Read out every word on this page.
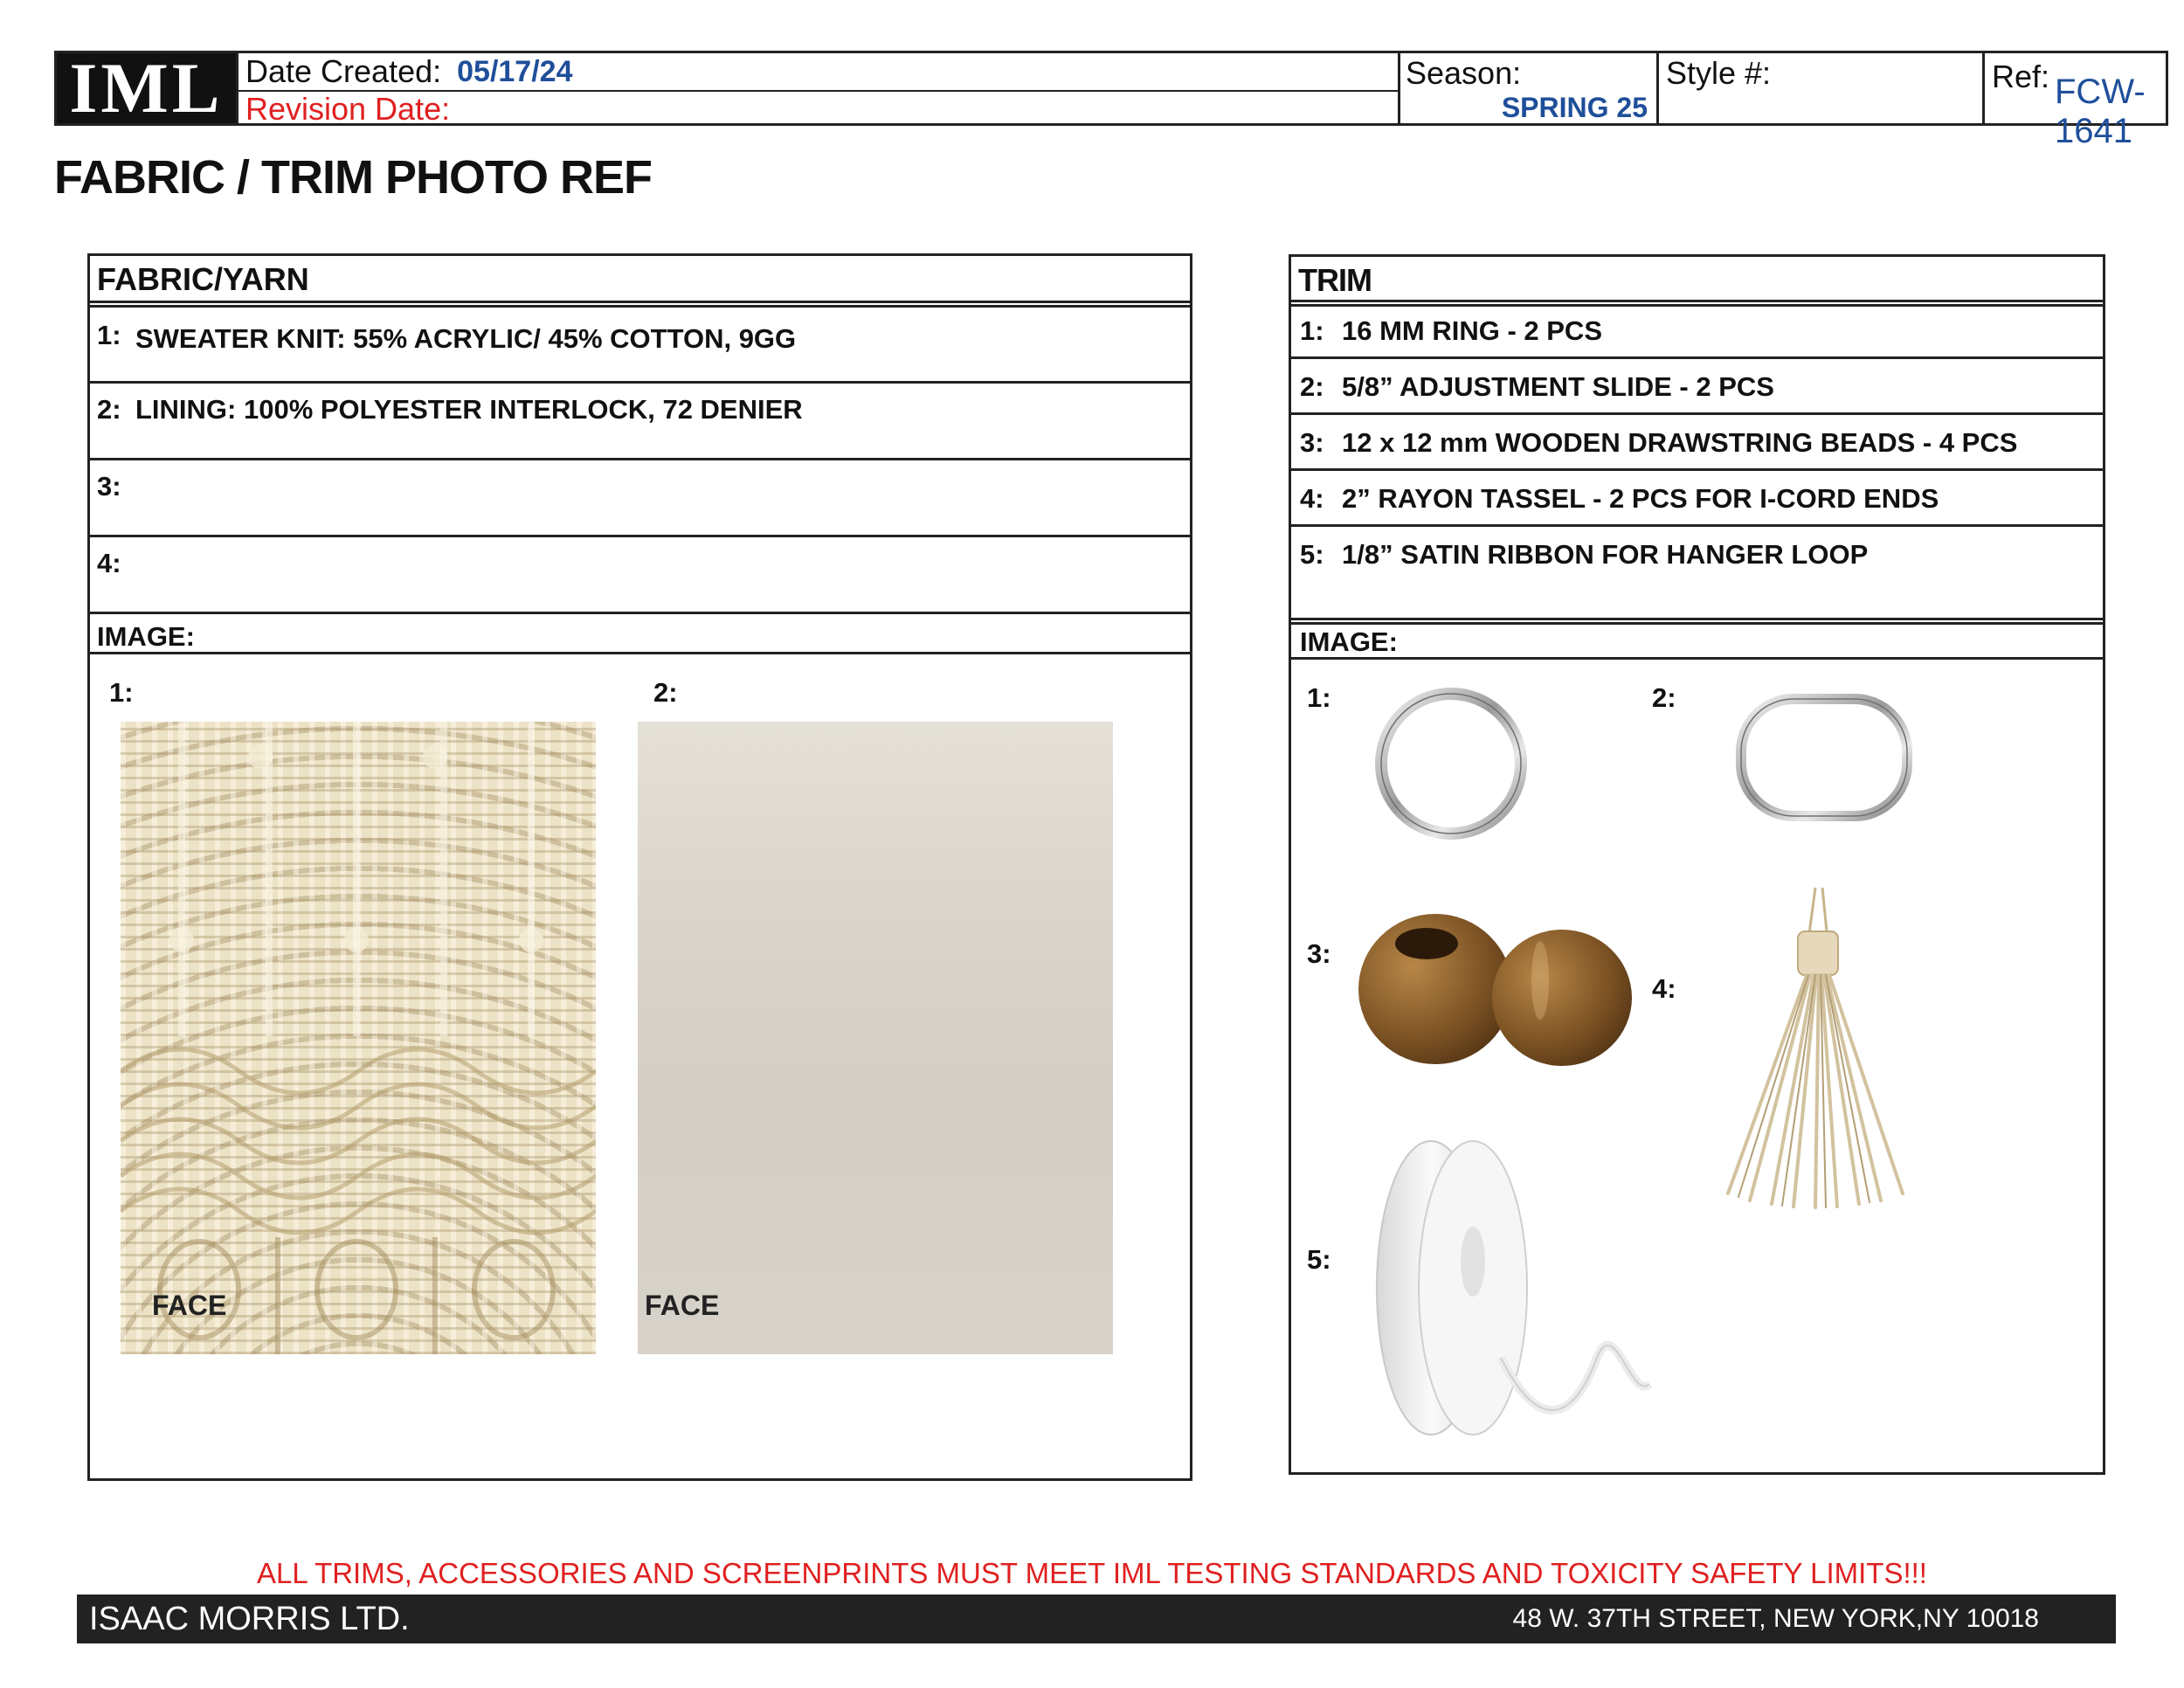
IML Date Created: 05/17/24
Revision Date:
Season:
SPRING 25
Style #:	Ref: FCW-1641
FABRIC / TRIM PHOTO REF
FABRIC/YARN
1: SWEATER KNIT: 55% ACRYLIC/ 45% COTTON, 9GG
2: LINING: 100% POLYESTER INTERLOCK, 72 DENIER
3:
4:
IMAGE:
1:	2:
FACE	FACE
TRIM
1: 16 MM RING - 2 PCS
2: 5/8” ADJUSTMENT SLIDE - 2 PCS
3: 12 x 12 mm WOODEN DRAWSTRING BEADS - 4 PCS
4: 2” RAYON TASSEL - 2 PCS FOR I-CORD ENDS
5: 1/8” SATIN RIBBON FOR HANGER LOOP
IMAGE:
1:	2:
3:
4:
5:
ALL TRIMS, ACCESSORIES AND SCREENPRINTS MUST MEET IML TESTING STANDARDS AND TOXICITY SAFETY LIMITS!!!
ISAAC MORRIS LTD.	48 W. 37TH STREET, NEW YORK,NY 10018
